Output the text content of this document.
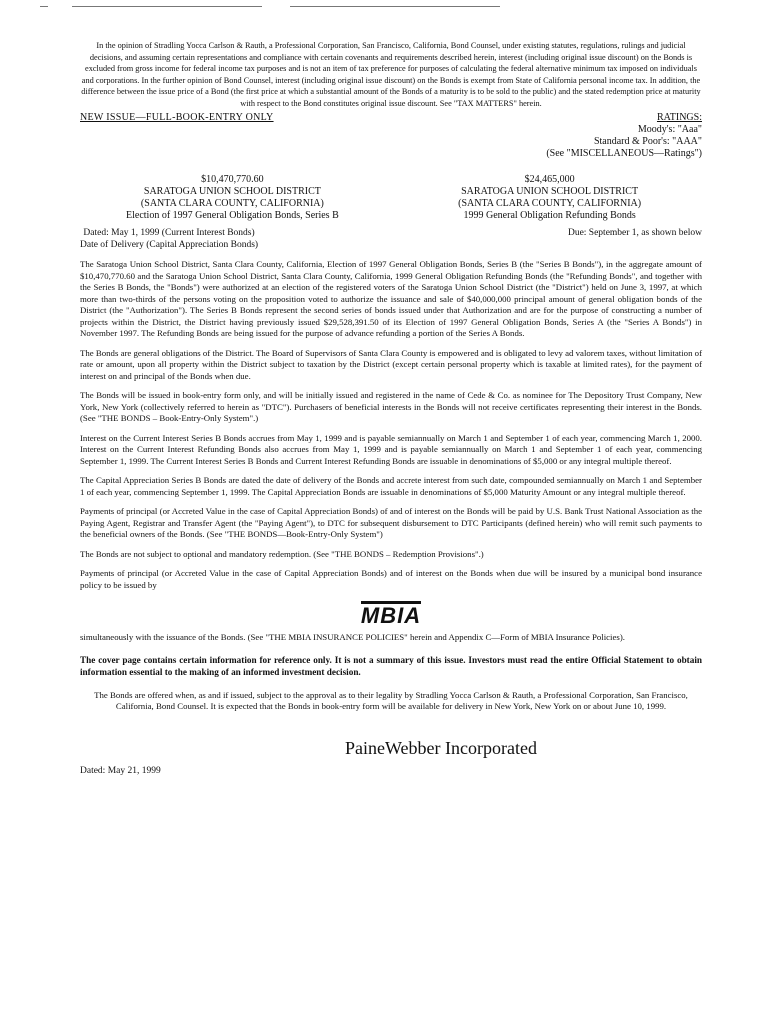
In the opinion of Stradling Yocca Carlson & Rauth, a Professional Corporation, San Francisco, California, Bond Counsel, under existing statutes, regulations, rulings and judicial decisions, and assuming certain representations and compliance with certain covenants and requirements described herein, interest (including original issue discount) on the Bonds is excluded from gross income for federal income tax purposes and is not an item of tax preference for purposes of calculating the federal alternative minimum tax imposed on individuals and corporations. In the further opinion of Bond Counsel, interest (including original issue discount) on the Bonds is exempt from State of California personal income tax. In addition, the difference between the issue price of a Bond (the first price at which a substantial amount of the Bonds of a maturity is to be sold to the public) and the stated redemption price at maturity with respect to the Bond constitutes original issue discount. See "TAX MATTERS" herein.

NEW ISSUE—FULL-BOOK-ENTRY ONLY	RATINGS:
Moody's: "Aaa"
Standard & Poor's: "AAA"
(See "MISCELLANEOUS—Ratings")
$10,470,770.60
SARATOGA UNION SCHOOL DISTRICT
(SANTA CLARA COUNTY, CALIFORNIA)
Election of 1997 General Obligation Bonds, Series B
$24,465,000
SARATOGA UNION SCHOOL DISTRICT
(SANTA CLARA COUNTY, CALIFORNIA)
1999 General Obligation Refunding Bonds
Dated: May 1, 1999 (Current Interest Bonds)
Date of Delivery (Capital Appreciation Bonds)
Due: September 1, as shown below

The Saratoga Union School District, Santa Clara County, California, Election of 1997 General Obligation Bonds, Series B (the "Series B Bonds"), in the aggregate amount of $10,470,770.60 and the Saratoga Union School District, Santa Clara County, California, 1999 General Obligation Refunding Bonds (the "Refunding Bonds", and together with the Series B Bonds, the "Bonds") were authorized at an election of the registered voters of the Saratoga Union School District (the "District") held on June 3, 1997, at which more than two-thirds of the persons voting on the proposition voted to authorize the issuance and sale of $40,000,000 principal amount of general obligation bonds of the District (the "Authorization"). The Series B Bonds represent the second series of bonds issued under that Authorization and are for the purpose of constructing a number of projects within the District, the District having previously issued $29,528,391.50 of its Election of 1997 General Obligation Bonds, Series A (the "Series A Bonds") in November 1997. The Refunding Bonds are being issued for the purpose of advance refunding a portion of the Series A Bonds.

The Bonds are general obligations of the District. The Board of Supervisors of Santa Clara County is empowered and is obligated to levy ad valorem taxes, without limitation of rate or amount, upon all property within the District subject to taxation by the District (except certain personal property which is taxable at limited rates), for the payment of interest on and principal of the Bonds when due.

The Bonds will be issued in book-entry form only, and will be initially issued and registered in the name of Cede & Co. as nominee for The Depository Trust Company, New York, New York (collectively referred to herein as "DTC"). Purchasers of beneficial interests in the Bonds will not receive certificates representing their interest in the Bonds. (See "THE BONDS – Book-Entry-Only System".)

Interest on the Current Interest Series B Bonds accrues from May 1, 1999 and is payable semiannually on March 1 and September 1 of each year, commencing March 1, 2000. Interest on the Current Interest Refunding Bonds also accrues from May 1, 1999 and is payable semiannually on March 1 and September 1 of each year, commencing September 1, 1999. The Current Interest Series B Bonds and Current Interest Refunding Bonds are issuable in denominations of $5,000 or any integral multiple thereof.

The Capital Appreciation Series B Bonds are dated the date of delivery of the Bonds and accrete interest from such date, compounded semiannually on March 1 and September 1 of each year, commencing September 1, 1999. The Capital Appreciation Bonds are issuable in denominations of $5,000 Maturity Amount or any integral multiple thereof.

Payments of principal (or Accreted Value in the case of Capital Appreciation Bonds) of and of interest on the Bonds will be paid by U.S. Bank Trust National Association as the Paying Agent, Registrar and Transfer Agent (the "Paying Agent"), to DTC for subsequent disbursement to DTC Participants (defined herein) who will remit such payments to the beneficial owners of the Bonds. (See "THE BONDS—Book-Entry-Only System")

The Bonds are not subject to optional and mandatory redemption. (See "THE BONDS – Redemption Provisions".)

Payments of principal (or Accreted Value in the case of Capital Appreciation Bonds) and of interest on the Bonds when due will be insured by a municipal bond insurance policy to be issued by

MBIA

simultaneously with the issuance of the Bonds. (See "THE MBIA INSURANCE POLICIES" herein and Appendix C—Form of MBIA Insurance Policies).

The cover page contains certain information for reference only. It is not a summary of this issue. Investors must read the entire Official Statement to obtain information essential to the making of an informed investment decision.

The Bonds are offered when, as and if issued, subject to the approval as to their legality by Stradling Yocca Carlson & Rauth, a Professional Corporation, San Francisco, California, Bond Counsel. It is expected that the Bonds in book-entry form will be available for delivery in New York, New York on or about June 10, 1999.

PaineWebber Incorporated
Dated: May 21, 1999
